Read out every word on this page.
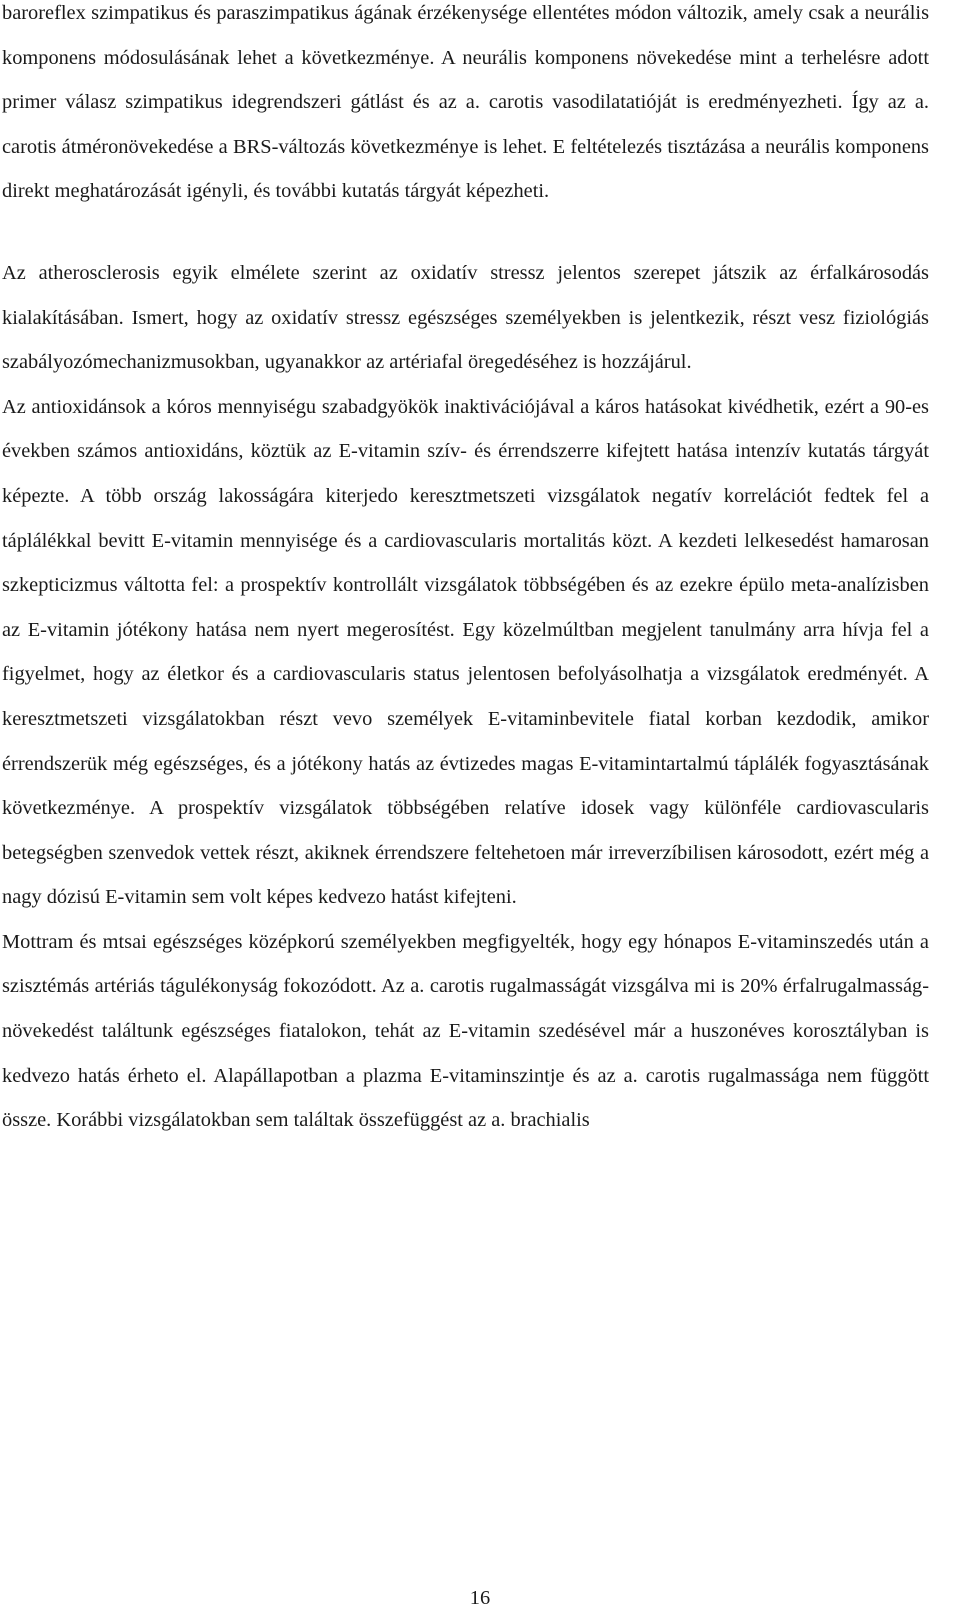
baroreflex szimpatikus és paraszimpatikus ágának érzékenysége ellentétes módon változik, amely csak a neurális komponens módosulásának lehet a következménye. A neurális komponens növekedése mint a terhelésre adott primer válasz szimpatikus idegrendszeri gátlást és az a. carotis vasodilatatióját is eredményezheti. Így az a. carotis átméronövekedése a BRS-változás következménye is lehet. E feltételezés tisztázása a neurális komponens direkt meghatározását igényli, és további kutatás tárgyát képezheti.

Az atherosclerosis egyik elmélete szerint az oxidatív stressz jelentos szerepet játszik az érfalkárosodás kialakításában. Ismert, hogy az oxidatív stressz egészséges személyekben is jelentkezik, részt vesz fiziológiás szabályozómechanizmusokban, ugyanakkor az artériafal öregedéséhez is hozzájárul.

Az antioxidánsok a kóros mennyiségu szabadgyökök inaktivációjával a káros hatásokat kivédhetik, ezért a 90-es években számos antioxidáns, köztük az E-vitamin szív- és érrendszerre kifejtett hatása intenzív kutatás tárgyát képezte. A több ország lakosságára kiterjedo keresztmetszeti vizsgálatok negatív korrelációt fedtek fel a táplálékkal bevitt E-vitamin mennyisége és a cardiovascularis mortalitás közt. A kezdeti lelkesedést hamarosan szkepticizmus váltotta fel: a prospektív kontrollált vizsgálatok többségében és az ezekre épülo meta-analízisben az E-vitamin jótékony hatása nem nyert megerosítést. Egy közelmúltban megjelent tanulmány arra hívja fel a figyelmet, hogy az életkor és a cardiovascularis status jelentosen befolyásolhatja a vizsgálatok eredményét. A keresztmetszeti vizsgálatokban részt vevo személyek E-vitaminbevitele fiatal korban kezdodik, amikor érrendszerük még egészséges, és a jótékony hatás az évtizedes magas E-vitamintartalmú táplálék fogyasztásának következménye. A prospektív vizsgálatok többségében relatíve idosek vagy különféle cardiovascularis betegségben szenvedok vettek részt, akiknek érrendszere feltehetoen már irreverzíbilisen károsodott, ezért még a nagy dózisú E-vitamin sem volt képes kedvezo hatást kifejteni.

Mottram és mtsai egészséges középkorú személyekben megfigyelték, hogy egy hónapos E-vitaminszedés után a szisztémás artériás tágulékonyság fokozódott. Az a. carotis rugalmasságát vizsgálva mi is 20% érfalrugalmasság-növekedést találtunk egészséges fiatalokon, tehát az E-vitamin szedésével már a huszonéves korosztályban is kedvezo hatás érheto el. Alapállapotban a plazma E-vitaminszintje és az a. carotis rugalmassága nem függött össze. Korábbi vizsgálatokban sem találtak összefüggést az a. brachialis

16
